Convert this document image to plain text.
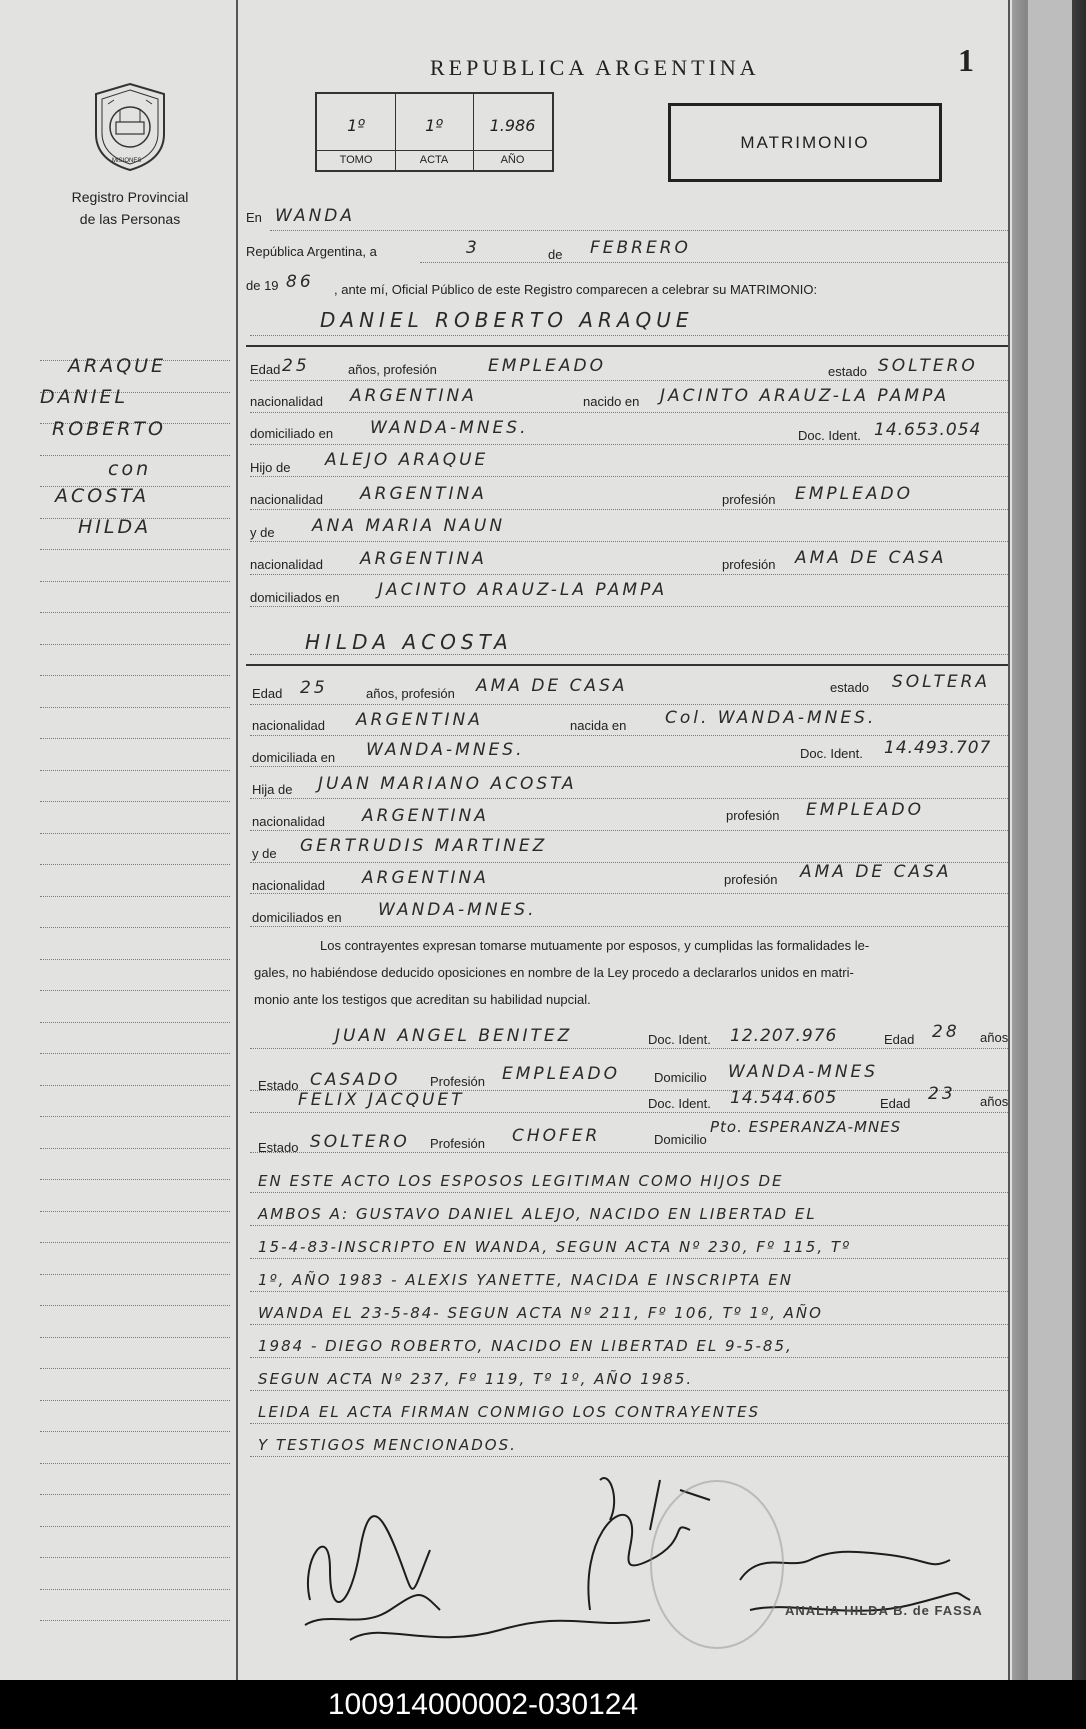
MISIONES
Registro Provincial
de las Personas
REPUBLICA ARGENTINA	1
1º
TOMO
1º
ACTA
1.986
AÑO
MATRIMONIO
ARAQUE
DANIEL
ROBERTO
con
ACOSTA
HILDA
En WANDA
República Argentina, a	3	de FEBRERO
de 19 86 , ante mí, Oficial Público de este Registro comparecen a celebrar su MATRIMONIO:
DANIEL ROBERTO ARAQUE
Edad 25	años, profesión	EMPLEADO	estado SOLTERO
nacionalidad ARGENTINA	nacido en JACINTO ARAUZ-LA PAMPA
domiciliado en WANDA-MNES.	Doc. Ident. 14.653.054
Hijo de ALEJO ARAQUE
nacionalidad ARGENTINA	profesión EMPLEADO
y de ANA MARIA NAUN
nacionalidad ARGENTINA	profesión AMA DE CASA
domiciliados en JACINTO ARAUZ-LA PAMPA
HILDA ACOSTA
Edad 25	años, profesión AMA DE CASA	estado SOLTERA
nacionalidad ARGENTINA	nacida en Col. WANDA-MNES.
domiciliada en WANDA-MNES.	Doc. Ident. 14.493.707
Hija de JUAN MARIANO ACOSTA
nacionalidad ARGENTINA	profesión EMPLEADO
y de GERTRUDIS MARTINEZ
nacionalidad ARGENTINA	profesión AMA DE CASA
domiciliados en WANDA-MNES.
Los contrayentes expresan tomarse mutuamente por esposos, y cumplidas las formalidades le-
gales, no habiéndose deducido oposiciones en nombre de la Ley procedo a declararlos unidos en matri-
monio ante los testigos que acreditan su habilidad nupcial.
JUAN ANGEL BENITEZ	Doc. Ident. 12.207.976	Edad 28 años
Estado CASADO Profesión EMPLEADO	Domicilio WANDA-MNES
FELIX JACQUET	Doc. Ident. 14.544.605	Edad 23 años
Estado SOLTERO Profesión CHOFER	Domicilio
Pto. ESPERANZA-MNES
EN ESTE ACTO LOS ESPOSOS LEGITIMAN COMO HIJOS DE
AMBOS A: GUSTAVO DANIEL ALEJO, NACIDO EN LIBERTAD EL
15-4-83-INSCRIPTO EN WANDA, SEGUN ACTA Nº 230, Fº 115, Tº
1º, AÑO 1983 - ALEXIS YANETTE, NACIDA E INSCRIPTA EN
WANDA EL 23-5-84- SEGUN ACTA Nº 211, Fº 106, Tº 1º, AÑO
1984 - DIEGO ROBERTO, NACIDO EN LIBERTAD EL 9-5-85,
SEGUN ACTA Nº 237, Fº 119, Tº 1º, AÑO 1985.
LEIDA EL ACTA FIRMAN CONMIGO LOS CONTRAYENTES
Y TESTIGOS MENCIONADOS.
ANALIA HILDA B. de FASSA
100914000002-030124
